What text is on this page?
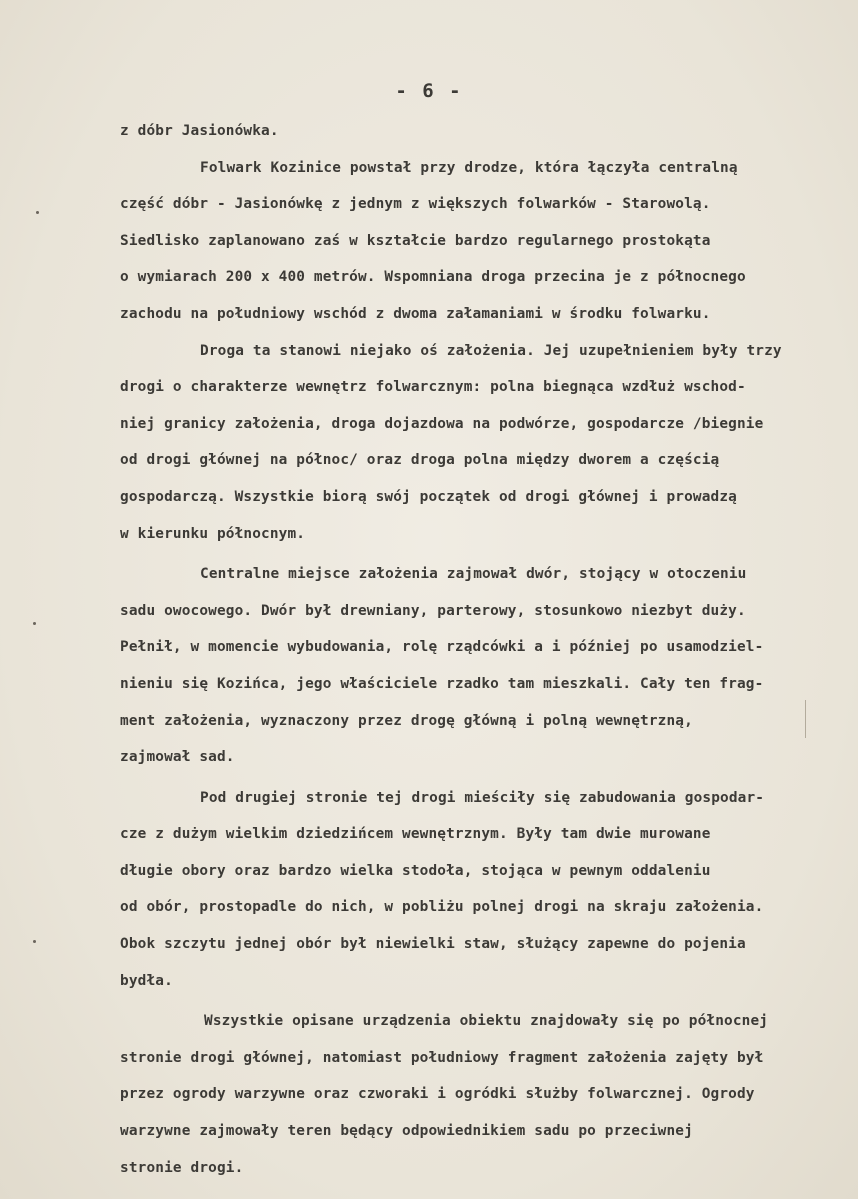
- 6 -
z dóbr Jasionówka.
Folwark Kozinice powstał przy drodze, która łączyła centralną
część dóbr - Jasionówkę z jednym z większych folwarków - Starowolą.
Siedlisko zaplanowano zaś w kształcie bardzo regularnego prostokąta
o wymiarach 200 x 400 metrów. Wspomniana droga przecina je z północnego
zachodu na południowy wschód z dwoma załamaniami w środku folwarku.
Droga ta stanowi niejako oś założenia. Jej uzupełnieniem były trzy
drogi o charakterze wewnętrz folwarcznym: polna biegnąca wzdłuż wschod-
niej granicy założenia, droga dojazdowa na podwórze, gospodarcze /biegnie
od drogi głównej na północ/ oraz droga polna między dworem a częścią
gospodarczą. Wszystkie biorą swój początek od drogi głównej i prowadzą
w kierunku północnym.
Centralne miejsce założenia zajmował dwór, stojący w otoczeniu
sadu owocowego. Dwór był drewniany, parterowy, stosunkowo niezbyt duży.
Pełnił, w momencie wybudowania, rolę rządcówki a i później po usamodziel-
nieniu się Kozińca, jego właściciele rzadko tam mieszkali. Cały ten frag-
ment założenia, wyznaczony przez drogę główną i polną wewnętrzną,
zajmował sad.
Pod drugiej stronie tej drogi mieściły się zabudowania gospodar-
cze z dużym wielkim dziedzińcem wewnętrznym. Były tam dwie murowane
długie obory oraz bardzo wielka stodoła, stojąca w pewnym oddaleniu
od obór, prostopadle do nich, w pobliżu polnej drogi na skraju założenia.
Obok szczytu jednej obór był niewielki staw, służący zapewne do pojenia
bydła.
Wszystkie opisane urządzenia obiektu znajdowały się po północnej
stronie drogi głównej, natomiast południowy fragment założenia zajęty był
przez ogrody warzywne oraz czworaki i ogródki służby folwarcznej. Ogrody
warzywne zajmowały teren będący odpowiednikiem sadu po przeciwnej
stronie drogi.
